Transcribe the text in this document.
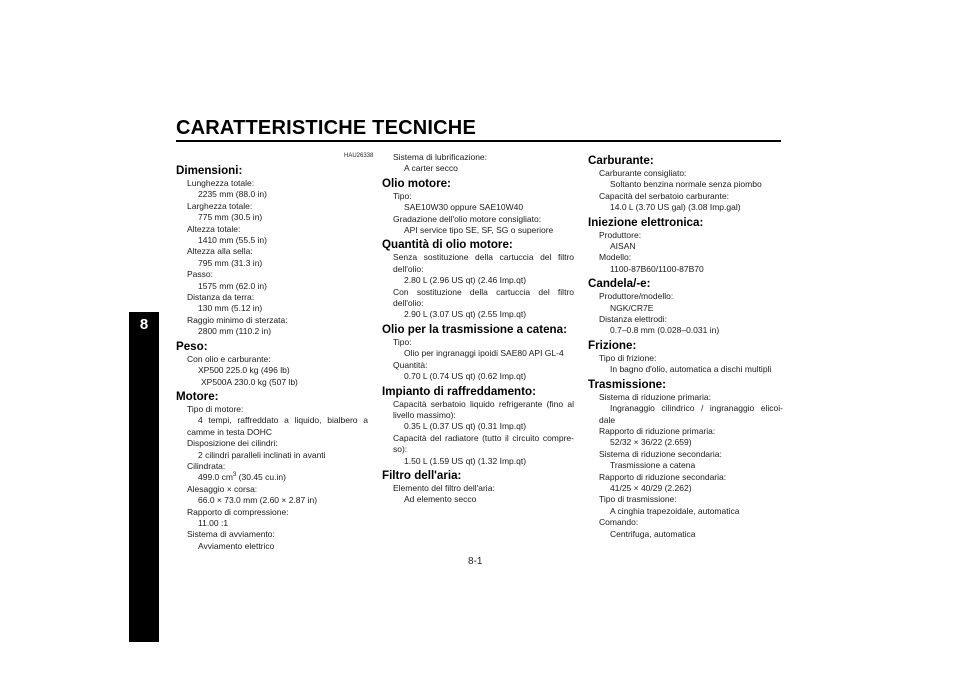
CARATTERISTICHE TECNICHE
8
HAU26338
Dimensioni:
Lunghezza totale:
2235 mm (88.0 in)
Larghezza totale:
775 mm (30.5 in)
Altezza totale:
1410 mm (55.5 in)
Altezza alla sella:
795 mm (31.3 in)
Passo:
1575 mm (62.0 in)
Distanza da terra:
130 mm (5.12 in)
Raggio minimo di sterzata:
2800 mm (110.2 in)
Peso:
Con olio e carburante:
XP500 225.0 kg (496 lb)
XP500A 230.0 kg (507 lb)
Motore:
Tipo di motore:
4 tempi, raffreddato a liquido, bialbero a
camme in testa DOHC
Disposizione dei cilindri:
2 cilindri paralleli inclinati in avanti
Cilindrata:
499.0 $cm^3$ (30.45 cu.in)
Alesaggio × corsa:
66.0 × 73.0 mm (2.60 × 2.87 in)
Rapporto di compressione:
11.00 :1
Sistema di avviamento:
Avviamento elettrico
Sistema di lubrificazione:
A carter secco
Olio motore:
Tipo:
SAE10W30 oppure SAE10W40
Gradazione dell'olio motore consigliato:
API service tipo SE, SF, SG o superiore
Quantità di olio motore:
Senza sostituzione della cartuccia del filtro
dell'olio:
2.80 L (2.96 US qt) (2.46 Imp.qt)
Con sostituzione della cartuccia del filtro
dell'olio:
2.90 L (3.07 US qt) (2.55 Imp.qt)
Olio per la trasmissione a catena:
Tipo:
Olio per ingranaggi ipoidi SAE80 API GL-4
Quantità:
0.70 L (0.74 US qt) (0.62 Imp.qt)
Impianto di raffreddamento:
Capacità serbatoio liquido refrigerante (fino al
livello massimo):
0.35 L (0.37 US qt) (0.31 Imp.qt)
Capacità del radiatore (tutto il circuito compre-
so):
1.50 L (1.59 US qt) (1.32 Imp.qt)
Filtro dell'aria:
Elemento del filtro dell'aria:
Ad elemento secco
Carburante:
Carburante consigliato:
Soltanto benzina normale senza piombo
Capacità del serbatoio carburante:
14.0 L (3.70 US gal) (3.08 Imp.gal)
Iniezione elettronica:
Produttore:
AISAN
Modello:
1100-87B60/1100-87B70
Candela/-e:
Produttore/modello:
NGK/CR7E
Distanza elettrodi:
0.7–0.8 mm (0.028–0.031 in)
Frizione:
Tipo di frizione:
In bagno d'olio, automatica a dischi multipli
Trasmissione:
Sistema di riduzione primaria:
Ingranaggio cilindrico / ingranaggio elicoi-
dale
Rapporto di riduzione primaria:
52/32 × 36/22 (2.659)
Sistema di riduzione secondaria:
Trasmissione a catena
Rapporto di riduzione secondaria:
41/25 × 40/29 (2.262)
Tipo di trasmissione:
A cinghia trapezoidale, automatica
Comando:
Centrifuga, automatica
8-1
